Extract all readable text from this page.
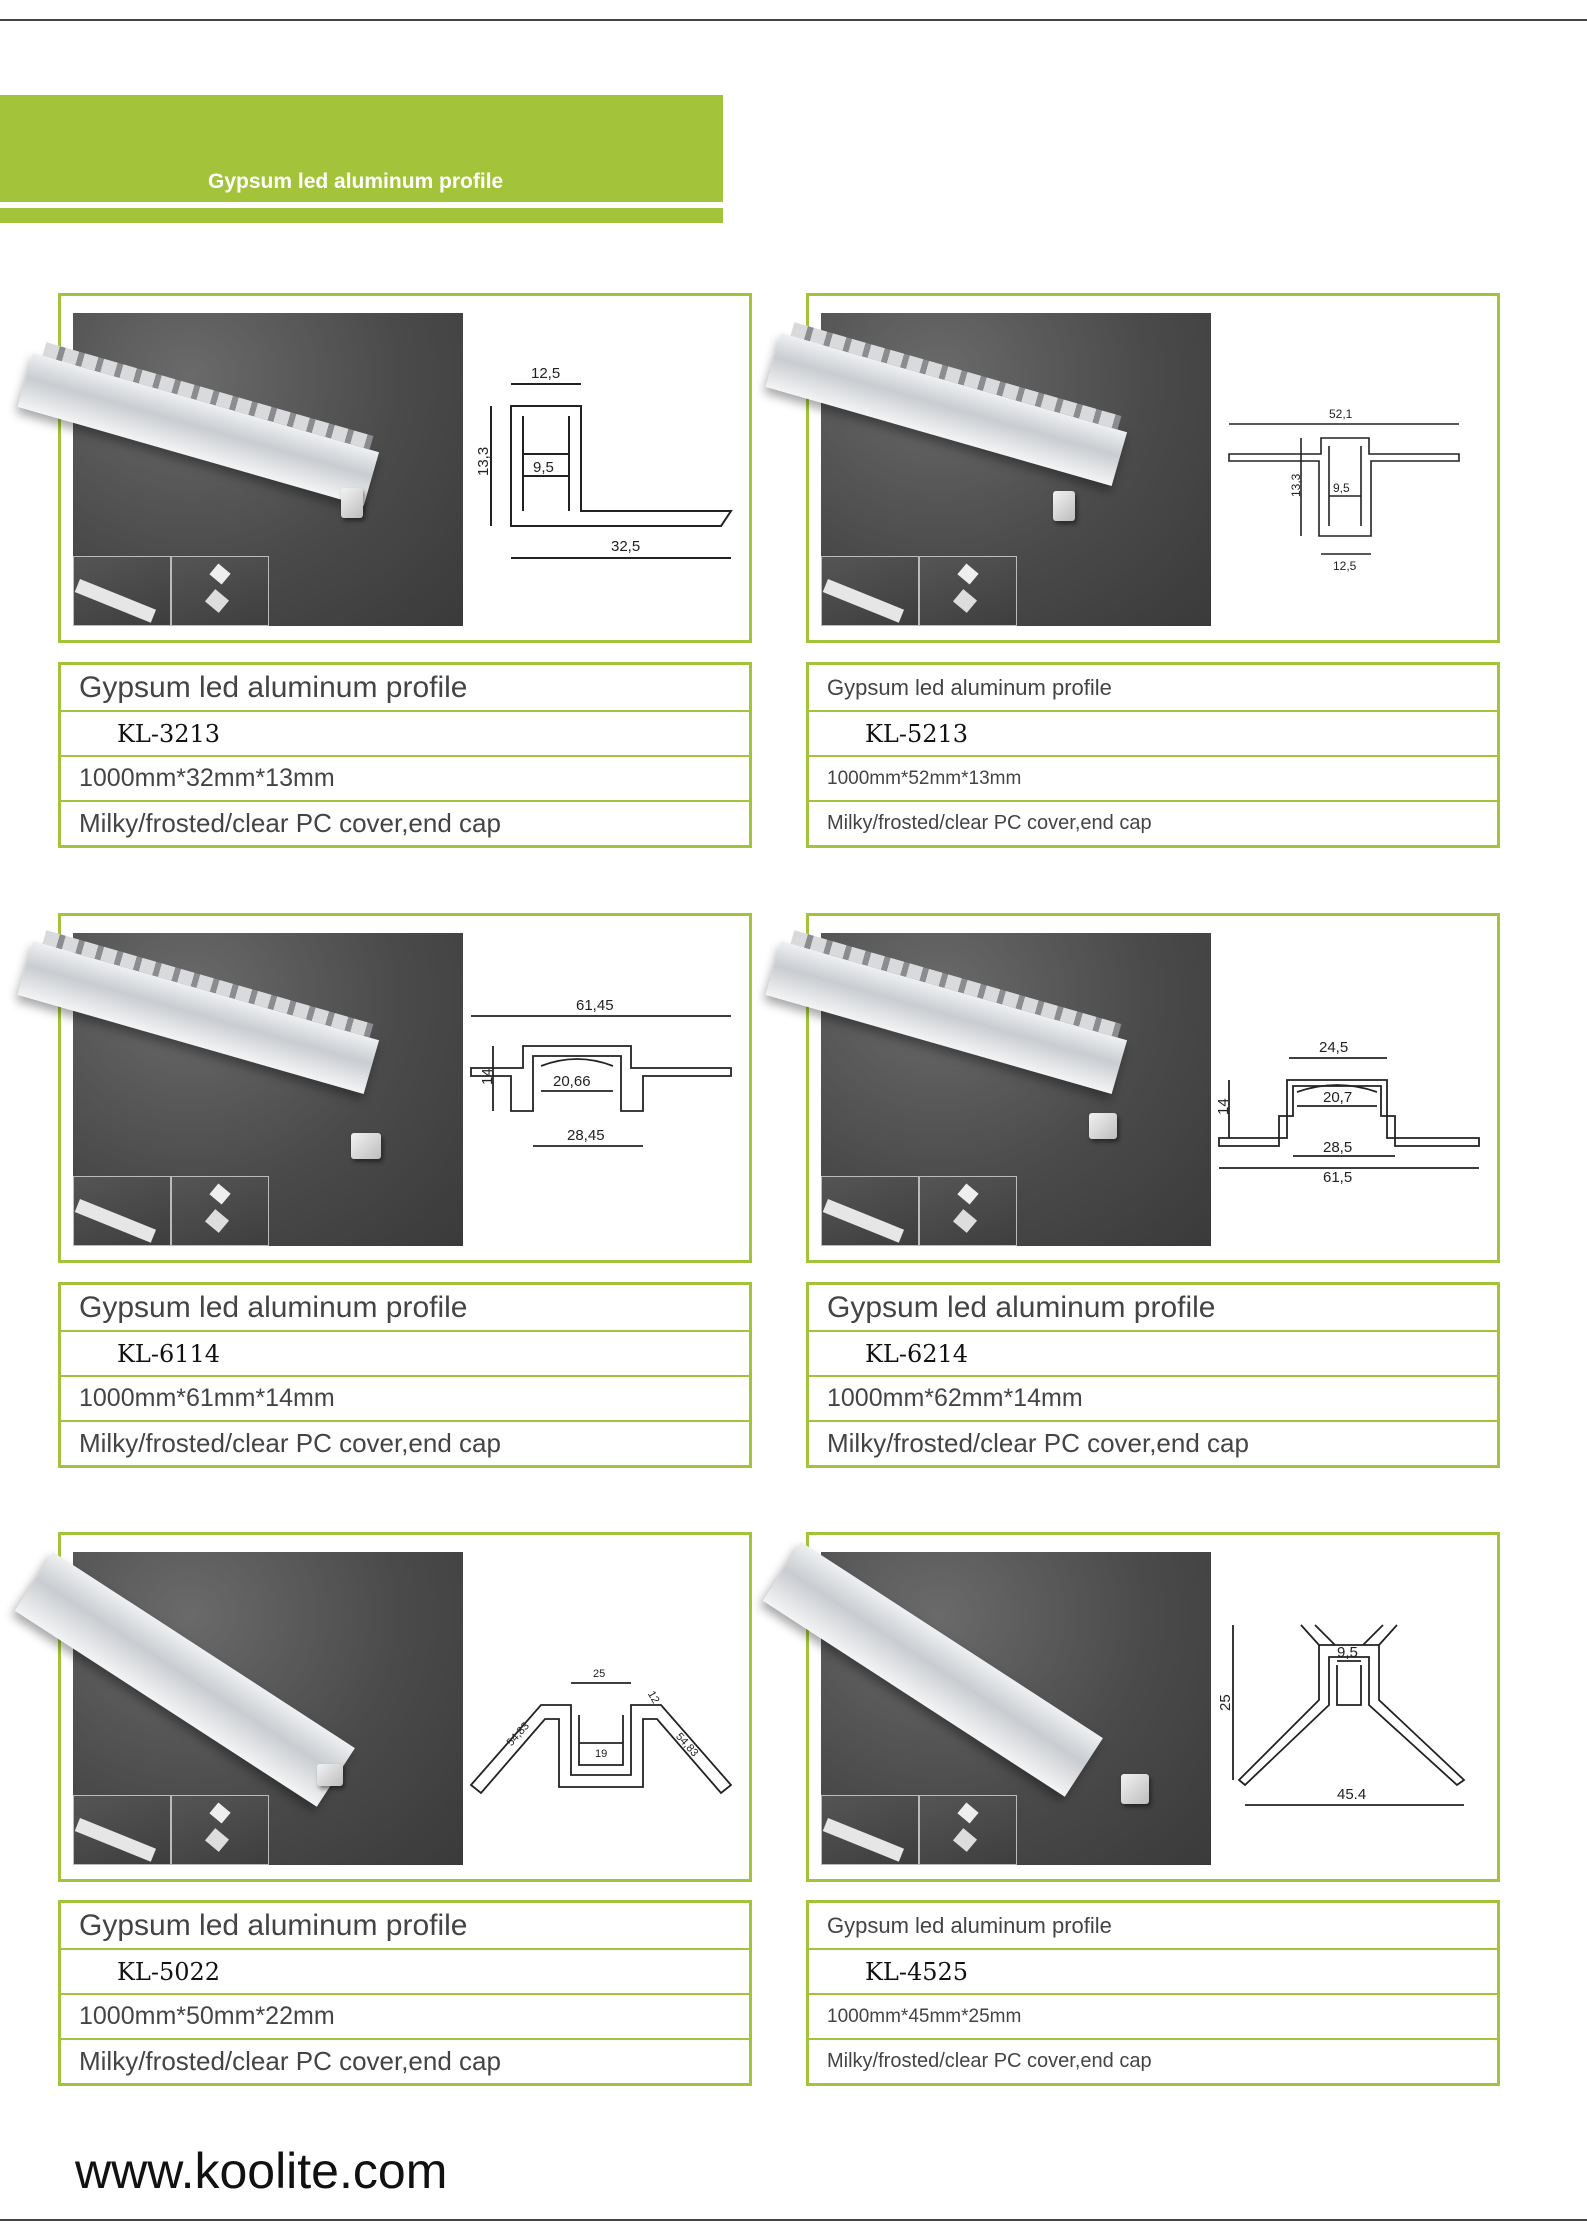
Gypsum led aluminum profile
12,5
13,3	9,5
32,5
Gypsum led aluminum profile
KL-3213
1000mm*32mm*13mm
Milky/frosted/clear PC cover,end cap
52,1
13,3	9,5
12,5
Gypsum led aluminum profile
KL-5213
1000mm*52mm*13mm
Milky/frosted/clear PC cover,end cap
61,45
14	20,66
28,45
Gypsum led aluminum profile
KL-6114
1000mm*61mm*14mm
Milky/frosted/clear PC cover,end cap
24,5
14
20,7
28,5
61,5
Gypsum led aluminum profile
KL-6214
1000mm*62mm*14mm
Milky/frosted/clear PC cover,end cap
25
54,83
19
12
54,83
Gypsum led aluminum profile
KL-5022
1000mm*50mm*22mm
Milky/frosted/clear PC cover,end cap
9,5
25
45.4
Gypsum led aluminum profile
KL-4525
1000mm*45mm*25mm
Milky/frosted/clear PC cover,end cap
www.koolite.com
